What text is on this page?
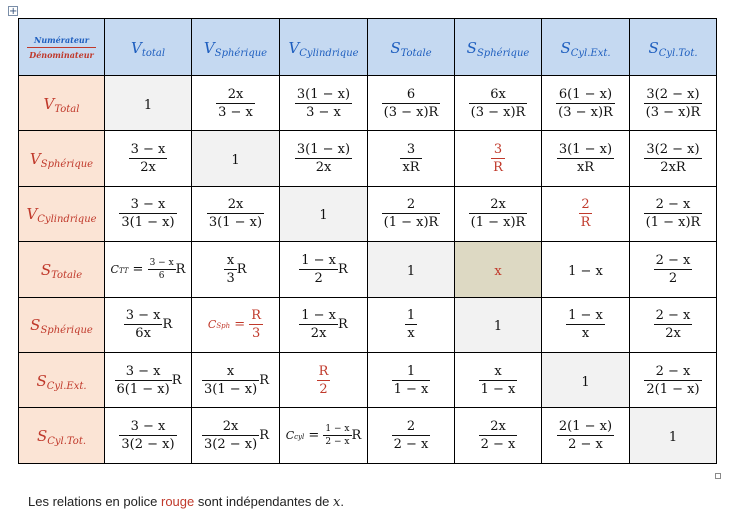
+
Numérateur
Dénominateur	$V_{total}$	$V_{Sphérique}$	$V_{Cylindrique}$	$S_{Totale}$	$S_{Sphérique}$	$S_{Cyl.Ext.}$	$S_{Cyl.Tot.}$
$V_{Total}$	1	$\frac{2x}{3 - x}$	$\frac{3(1 - x)}{3 - x}$	$\frac{6}{(3 - x)R}$	$\frac{6x}{(3 - x)R}$	$\frac{6(1 - x)}{(3 - x)R}$	$\frac{3(2 - x)}{(3 - x)R}$

$V_{Sphérique}$	$\frac{3 - x}{2x}$	1	$\frac{3(1 - x)}{2x}$	$\frac{3}{xR}$	$\frac{3}{R}$	$\frac{3(1 - x)}{xR}$	$\frac{3(2 - x)}{2xR}$

$V_{Cylindrique}$	$\frac{3 - x}{3(1 - x)}$	$\frac{2x}{3(1 - x)}$	1	$\frac{2}{(1 - x)R}$	$\frac{2x}{(1 - x)R}$	$\frac{2}{R}$	$\frac{2 - x}{(1 - x)R}$

$S_{Totale}$	CTT = $\frac{3 - x}{6}$ R	$\frac{x}{3}$ R	$\frac{1 - x}{2}$ R	1	x	1 − x	$\frac{2 - x}{2}$

$S_{Sphérique}$	$\frac{3 - x}{6x}$ R	CSph = $\frac{R}{3}$	$\frac{1 - x}{2x}$ R	$\frac{1}{x}$	1	$\frac{1 - x}{x}$	$\frac{2 - x}{2x}$

$S_{Cyl.Ext.}$	$\frac{3 - x}{6(1 - x)}$ R	$\frac{x}{3(1 - x)}$ R	$\frac{R}{2}$	$\frac{1}{1 - x}$	$\frac{x}{1 - x}$	1	$\frac{2 - x}{2(1 - x)}$

$S_{Cyl.Tot.}$	$\frac{3 - x}{3(2 - x)}$	$\frac{2x}{3(2 - x)}$ R	Ccyl = $\frac{1 - x}{2 - x}$ R	$\frac{2}{2 - x}$	$\frac{2x}{2 - x}$	$\frac{2(1 - x)}{2 - x}$	1
Les relations en police rouge sont indépendantes de x.
